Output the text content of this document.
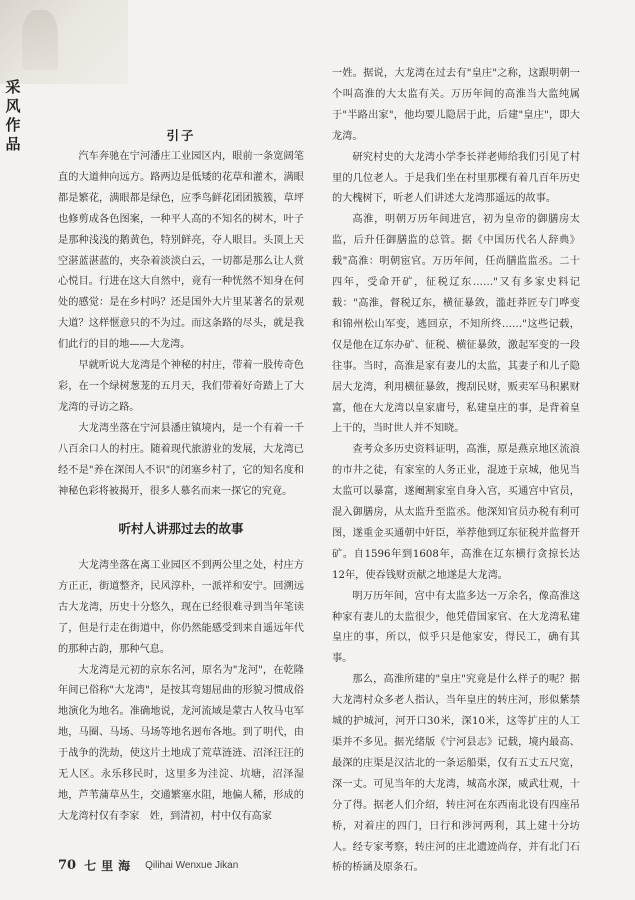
采风作品	引子

汽车奔驰在宁河潘庄工业园区内，眼前一条宽阔笔直的大道伸向远方。路两边是低矮的花草和灌木，满眼都是繁花，满眼都是绿色，应季鸟鲜花团团簇簇，草坪也修剪成各色图案，一种平人高的不知名的树木，叶子是那种浅浅的鹅黄色，特别鲜亮，夺人眼目。头顶上天空湛蓝湛蓝的，夹杂着淡淡白云，一切都是那么让人赏心悦目。行进在这大自然中，竟有一种恍然不知身在何处的感觉：是在乡村吗？还是国外大片里某著名的景观大道？这样惬意只的不为过。而这条路的尽头，就是我们此行的目的地——大龙湾。

早就听说大龙湾是个神秘的村庄，带着一股传奇色彩，在一个绿树葱茏的五月天，我们带着好奇踏上了大龙湾的寻访之路。

大龙湾坐落在宁河县潘庄镇境内，是一个有着一千八百余口人的村庄。随着现代旅游业的发展，大龙湾已经不是"养在深闺人不识"的闭塞乡村了，它的知名度和神秘色彩将被揭开，很多人慕名而来一探它的究竟。

听村人讲那过去的故事

大龙湾坐落在离工业园区不到两公里之处，村庄方方正正，街道整齐，民风淳朴，一派祥和安宁。回溯远古大龙湾，历史十分悠久，现在已经很难寻到当年笔读了，但是行走在街道中，你仍然能感受到来自遥远年代的那种古韵，那种气息。

大龙湾是元初的京东名河，原名为"龙河"，在乾隆年间已俗称"大龙湾"，是按其弯翅屈曲的形貌习惯成俗地演化为地名。准确地说，龙河流域是蒙古人牧马屯军地，马圈、马场、马场等地名迥布各地。到了明代，由于战争的洗劫，使这片土地成了荒草涟涟、沼泽汪汪的无人区。永乐移民时，这里多为洼淀、坑塘，沼泽湿地，芦苇蒲草丛生，交通繁塞水阻，地偏人稀，形成的大龙湾村仅有李家　姓，到清初，村中仅有高家

一姓。据说，大龙湾在过去有"皇庄"之称，这跟明朝一个叫高淮的大太监有关。万历年间的高淮当大监纯属于"半路出家"，他均要儿隐居于此，后建"皇庄"，即大龙湾。

研究村史的大龙湾小学李长祥老师给我们引见了村里的几位老人。于是我们坐在村里那棵有着几百年历史的大槐树下，听老人们讲述大龙湾那遥远的故事。

高淮，明朝万历年间进宫，初为皇帝的御膳房太监，后升任御膳监的总管。据《中国历代名人辞典》载"高淮：明朝宦官。万历年间，任尚膳监监丞。二十四年，受命开矿，征税辽东……"又有多家史料记载："高淮，督税辽东，横征暴敛，滥赶莽匠专门哗变和锦州松山军变，逃回京，不知所终……"这些记载，仅是他在辽东办矿、征税、横征暴敛，激起军变的一段往事。当时，高淮是家有妻儿的太监，其妻子和儿子隐居大龙湾，利用横征暴敛，搜刮民财，贩卖军马积累财富，他在大龙湾以皇家庸号，私建皇庄的事，是背着皇上干的，当时世人并不知晓。

查考众多历史资料证明，高淮，原是燕京地区流浪的市井之徒，有家室的人务正业，混迹于京城，他见当太监可以暴富，遂阉割家室自身入宫，买通宫中官员，混入御膳房，从太监升至监丞。他深知官员办税有利可图，遂重金买通朝中奸臣，举荐他到辽东征税并监督开矿。自1596年到1608年，高淮在辽东横行贪掠长达12年，使吞钱财贡献之地遂是大龙湾。

明万历年间，宫中有太监多达一万余名，像高淮这种家有妻儿的太监很少，他凭借国家官、在大龙湾私建皇庄的事，所以，似乎只是他家安，得民工，确有其事。

那么，高淮所建的"皇庄"究竟是什么样子的呢？据大龙湾村众多老人指认，当年皇庄的转庄河，形似紫禁城的护城河，河开口30米，深10米，这等扩庄的人工渠并不多见。据光绪版《宁河县志》记载，境内最高、最深的庄渠是汉沽北的一条运船渠，仅有五丈五尺宽，深一丈。可见当年的大龙湾，城高水深，威武壮观，十分了得。据老人们介绍，转庄河在东西南北设有四座吊桥，对着庄的四门，日行和涉河两利，其上建十分坊人。经专家考察，转庄河的庄北遗迹尚存，并有北门石桥的桥涵及原条石。

70 七里海 Qilihai Wenxue Jikan
